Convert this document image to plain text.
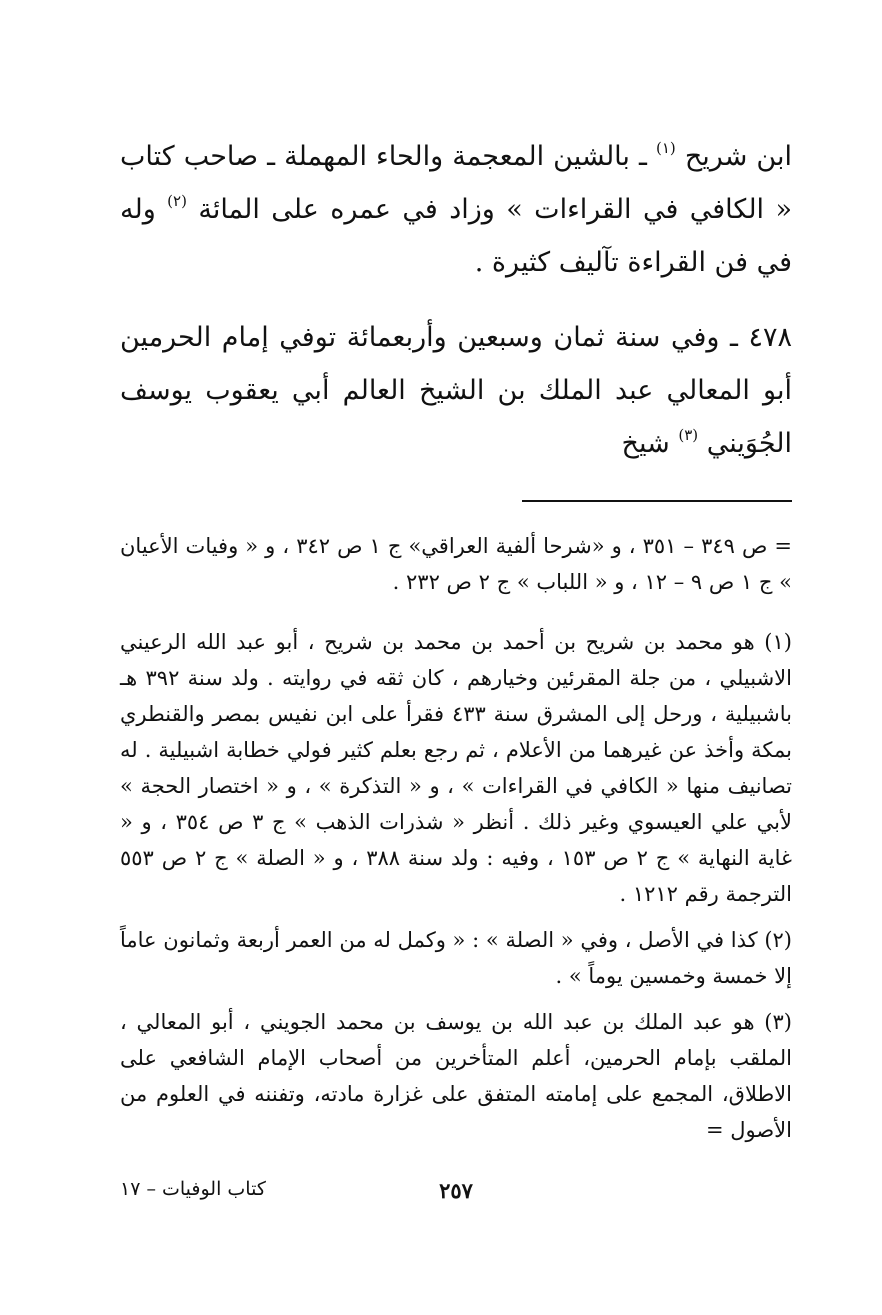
ابن شريح $^{(١)}$ ـ بالشين المعجمة والحاء المهملة ـ صاحب كتاب « الكافي في القراءات » وزاد في عمره على المائة $^{(٢)}$ وله في فن القراءة تآليف كثيرة .

٤٧٨ ـ وفي سنة ثمان وسبعين وأربعمائة توفي إمام الحرمين أبو المعالي عبد الملك بن الشيخ العالم أبي يعقوب يوسف الجُوَيني $^{(٣)}$ شيخ

= ص ٣٤٩ – ٣٥١ ، و «شرحا ألفية العراقي» ج ١ ص ٣٤٢ ، و « وفيات الأعيان » ج ١ ص ٩ – ١٢ ، و « اللباب » ج ٢ ص ٢٣٢ .

(١) هو محمد بن شريح بن أحمد بن محمد بن شريح ، أبو عبد الله الرعيني الاشبيلي ، من جلة المقرئين وخيارهم ، كان ثقه في روايته . ولد سنة ٣٩٢ هـ باشبيلية ، ورحل إلى المشرق سنة ٤٣٣ فقرأ على ابن نفيس بمصر والقنطري بمكة وأخذ عن غيرهما من الأعلام ، ثم رجع بعلم كثير فولي خطابة اشبيلية . له تصانيف منها « الكافي في القراءات » ، و « التذكرة » ، و « اختصار الحجة » لأبي علي العيسوي وغير ذلك . أنظر « شذرات الذهب » ج ٣ ص ٣٥٤ ، و « غاية النهاية » ج ٢ ص ١٥٣ ، وفيه : ولد سنة ٣٨٨ ، و « الصلة » ج ٢ ص ٥٥٣ الترجمة رقم ١٢١٢ .

(٢) كذا في الأصل ، وفي « الصلة » : « وكمل له من العمر أربعة وثمانون عاماً إلا خمسة وخمسين يوماً » .

(٣) هو عبد الملك بن عبد الله بن يوسف بن محمد الجويني ، أبو المعالي ، الملقب بإمام الحرمين، أعلم المتأخرين من أصحاب الإمام الشافعي على الاطلاق، المجمع على إمامته المتفق على غزارة مادته، وتفننه في العلوم من الأصول =

٢٥٧
كتاب الوفيات – ١٧
